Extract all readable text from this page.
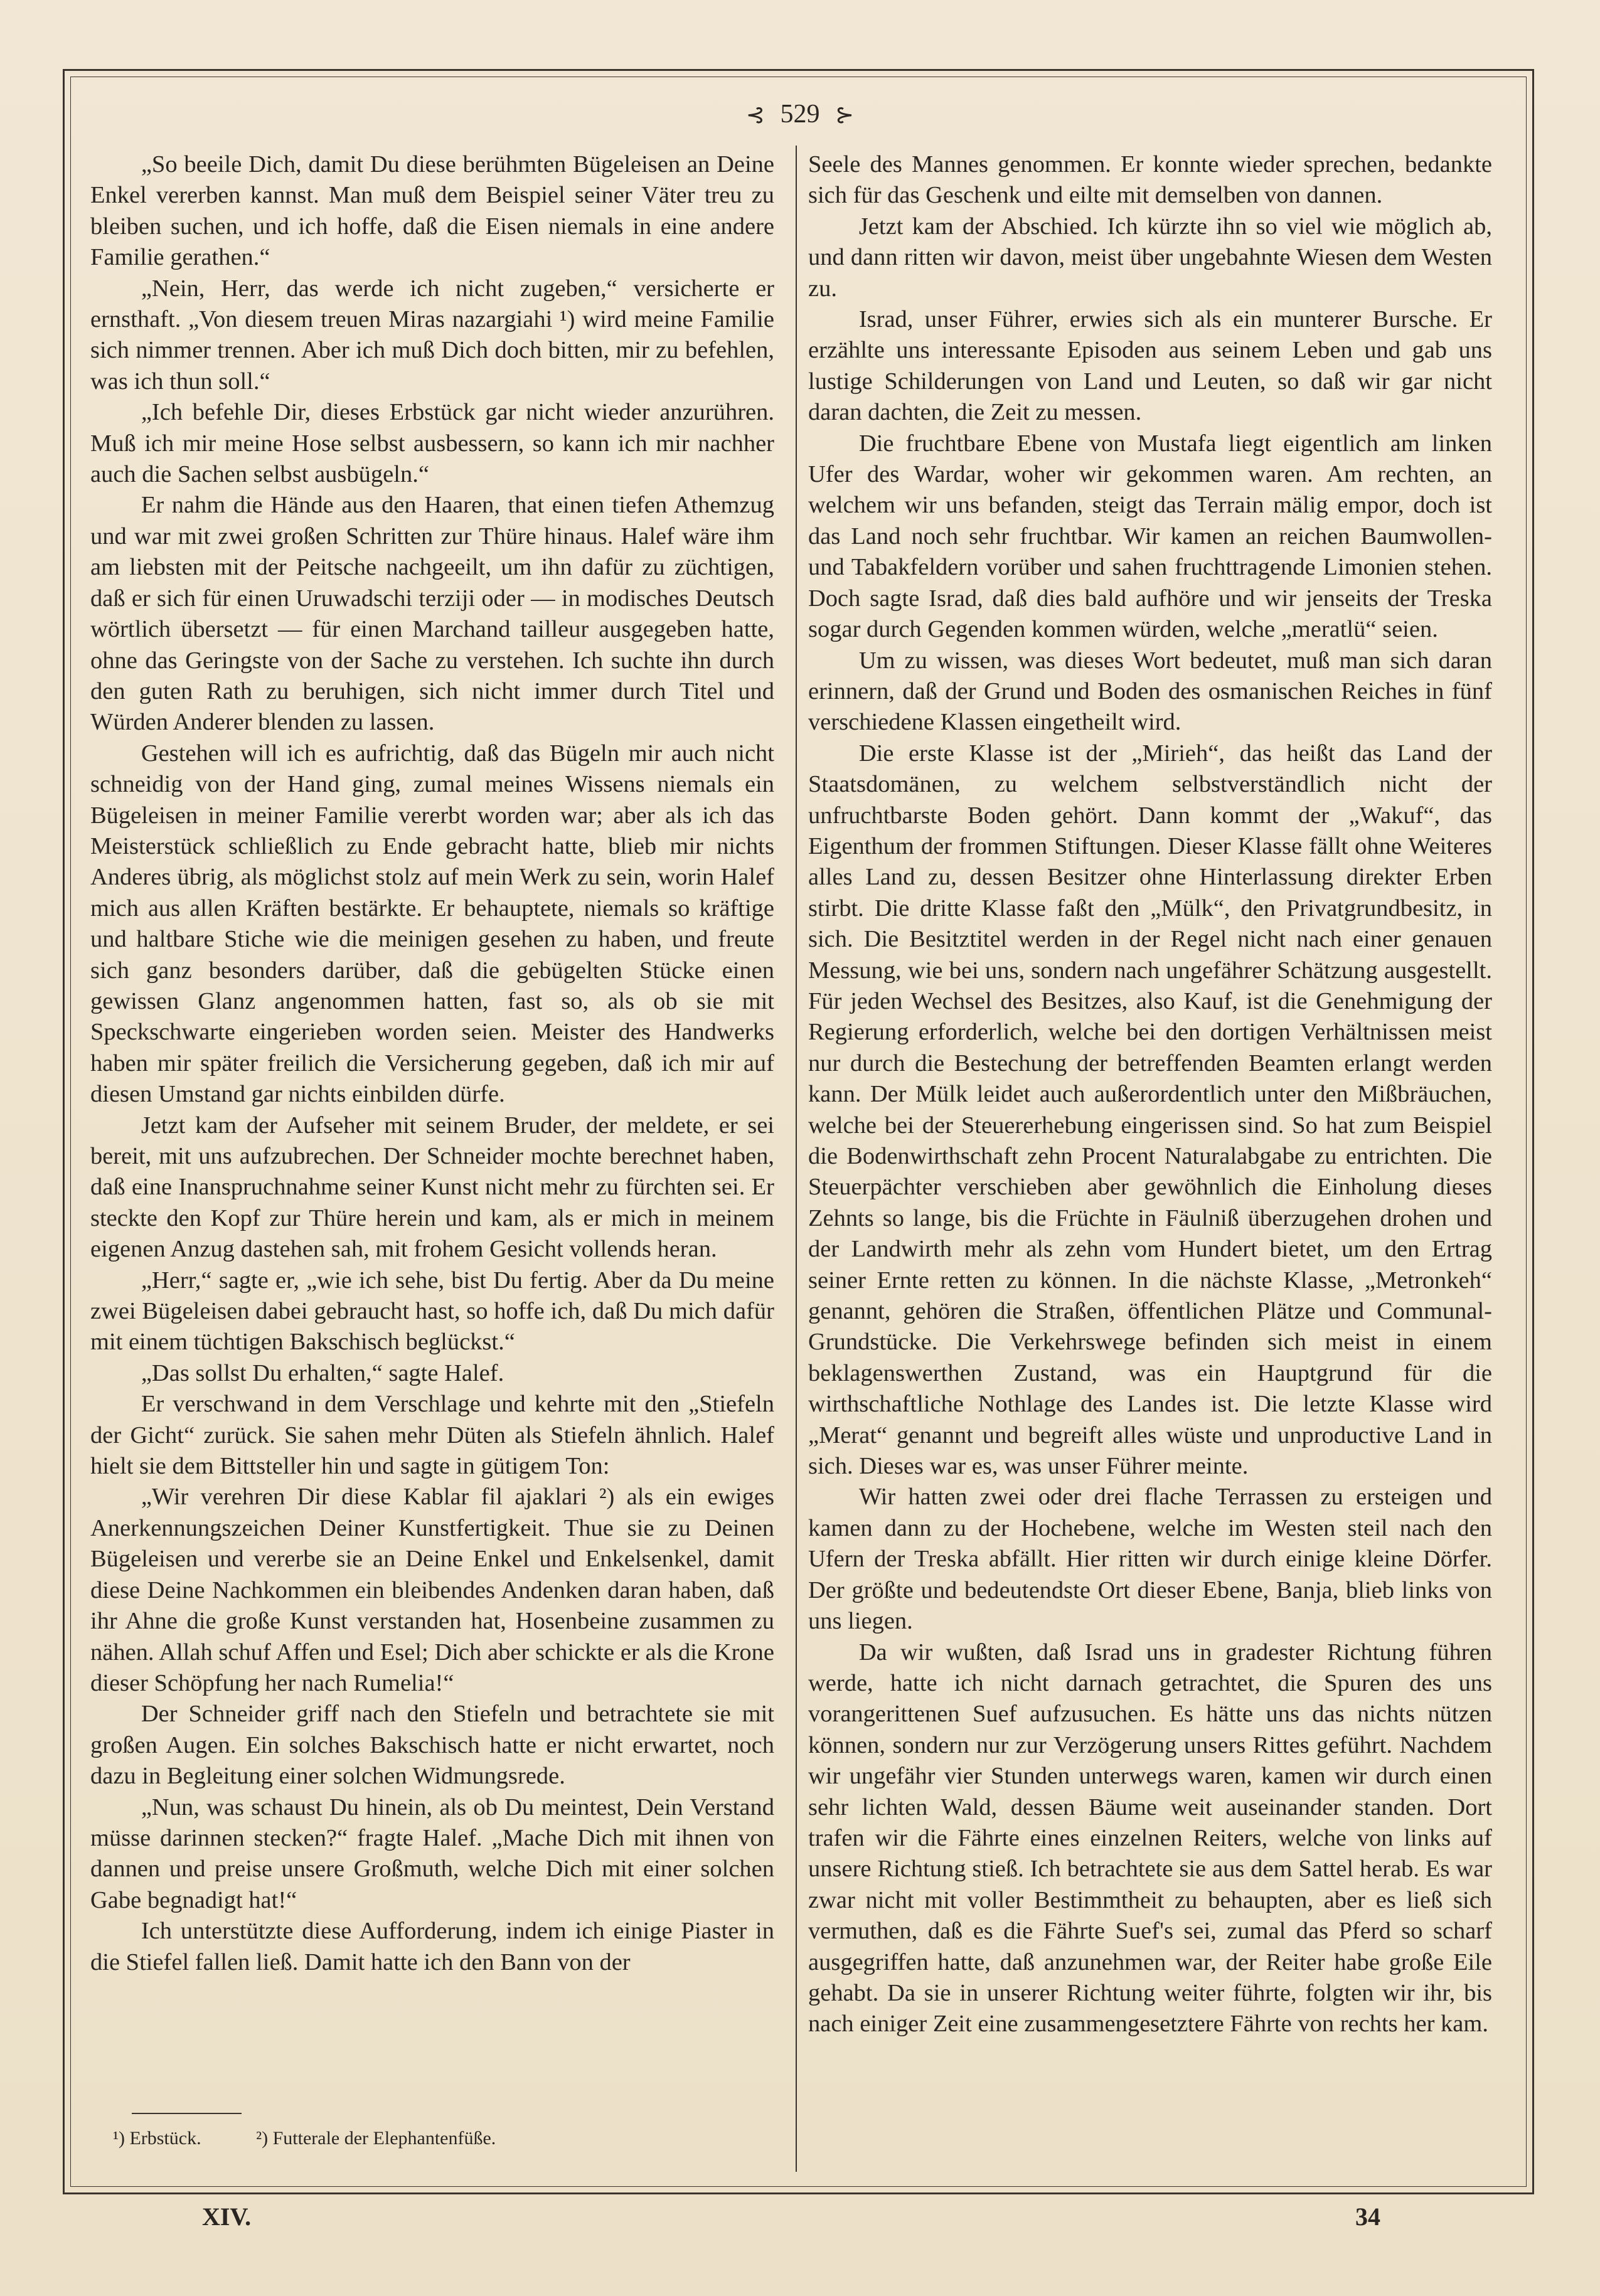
⊰ 529 ⊱

„So beeile Dich, damit Du diese berühmten Bügeleisen an Deine Enkel vererben kannst. Man muß dem Beispiel seiner Väter treu zu bleiben suchen, und ich hoffe, daß die Eisen niemals in eine andere Familie gerathen.“

„Nein, Herr, das werde ich nicht zugeben,“ versicherte er ernsthaft. „Von diesem treuen Miras nazargiahi ¹) wird meine Familie sich nimmer trennen. Aber ich muß Dich doch bitten, mir zu befehlen, was ich thun soll.“

„Ich befehle Dir, dieses Erbstück gar nicht wieder anzurühren. Muß ich mir meine Hose selbst ausbessern, so kann ich mir nachher auch die Sachen selbst ausbügeln.“

Er nahm die Hände aus den Haaren, that einen tiefen Athemzug und war mit zwei großen Schritten zur Thüre hinaus. Halef wäre ihm am liebsten mit der Peitsche nachgeeilt, um ihn dafür zu züchtigen, daß er sich für einen Uruwadschi terziji oder — in modisches Deutsch wörtlich übersetzt — für einen Marchand tailleur ausgegeben hatte, ohne das Geringste von der Sache zu verstehen. Ich suchte ihn durch den guten Rath zu beruhigen, sich nicht immer durch Titel und Würden Anderer blenden zu lassen.

Gestehen will ich es aufrichtig, daß das Bügeln mir auch nicht schneidig von der Hand ging, zumal meines Wissens niemals ein Bügeleisen in meiner Familie vererbt worden war; aber als ich das Meisterstück schließlich zu Ende gebracht hatte, blieb mir nichts Anderes übrig, als möglichst stolz auf mein Werk zu sein, worin Halef mich aus allen Kräften bestärkte. Er behauptete, niemals so kräftige und haltbare Stiche wie die meinigen gesehen zu haben, und freute sich ganz besonders darüber, daß die gebügelten Stücke einen gewissen Glanz angenommen hatten, fast so, als ob sie mit Speckschwarte eingerieben worden seien. Meister des Handwerks haben mir später freilich die Versicherung gegeben, daß ich mir auf diesen Umstand gar nichts einbilden dürfe.

Jetzt kam der Aufseher mit seinem Bruder, der meldete, er sei bereit, mit uns aufzubrechen. Der Schneider mochte berechnet haben, daß eine Inanspruchnahme seiner Kunst nicht mehr zu fürchten sei. Er steckte den Kopf zur Thüre herein und kam, als er mich in meinem eigenen Anzug dastehen sah, mit frohem Gesicht vollends heran.

„Herr,“ sagte er, „wie ich sehe, bist Du fertig. Aber da Du meine zwei Bügeleisen dabei gebraucht hast, so hoffe ich, daß Du mich dafür mit einem tüchtigen Bakschisch beglückst.“

„Das sollst Du erhalten,“ sagte Halef.

Er verschwand in dem Verschlage und kehrte mit den „Stiefeln der Gicht“ zurück. Sie sahen mehr Düten als Stiefeln ähnlich. Halef hielt sie dem Bittsteller hin und sagte in gütigem Ton:

„Wir verehren Dir diese Kablar fil ajaklari ²) als ein ewiges Anerkennungszeichen Deiner Kunstfertigkeit. Thue sie zu Deinen Bügeleisen und vererbe sie an Deine Enkel und Enkelsenkel, damit diese Deine Nachkommen ein bleibendes Andenken daran haben, daß ihr Ahne die große Kunst verstanden hat, Hosenbeine zusammen zu nähen. Allah schuf Affen und Esel; Dich aber schickte er als die Krone dieser Schöpfung her nach Rumelia!“

Der Schneider griff nach den Stiefeln und betrachtete sie mit großen Augen. Ein solches Bakschisch hatte er nicht erwartet, noch dazu in Begleitung einer solchen Widmungsrede.

„Nun, was schaust Du hinein, als ob Du meintest, Dein Verstand müsse darinnen stecken?“ fragte Halef. „Mache Dich mit ihnen von dannen und preise unsere Großmuth, welche Dich mit einer solchen Gabe begnadigt hat!“

Ich unterstützte diese Aufforderung, indem ich einige Piaster in die Stiefel fallen ließ. Damit hatte ich den Bann von der

Seele des Mannes genommen. Er konnte wieder sprechen, bedankte sich für das Geschenk und eilte mit demselben von dannen.

Jetzt kam der Abschied. Ich kürzte ihn so viel wie möglich ab, und dann ritten wir davon, meist über ungebahnte Wiesen dem Westen zu.

Israd, unser Führer, erwies sich als ein munterer Bursche. Er erzählte uns interessante Episoden aus seinem Leben und gab uns lustige Schilderungen von Land und Leuten, so daß wir gar nicht daran dachten, die Zeit zu messen.

Die fruchtbare Ebene von Mustafa liegt eigentlich am linken Ufer des Wardar, woher wir gekommen waren. Am rechten, an welchem wir uns befanden, steigt das Terrain mälig empor, doch ist das Land noch sehr fruchtbar. Wir kamen an reichen Baumwollen- und Tabakfeldern vorüber und sahen fruchttragende Limonien stehen. Doch sagte Israd, daß dies bald aufhöre und wir jenseits der Treska sogar durch Gegenden kommen würden, welche „meratlü“ seien.

Um zu wissen, was dieses Wort bedeutet, muß man sich daran erinnern, daß der Grund und Boden des osmanischen Reiches in fünf verschiedene Klassen eingetheilt wird.

Die erste Klasse ist der „Mirieh“, das heißt das Land der Staatsdomänen, zu welchem selbstverständlich nicht der unfruchtbarste Boden gehört. Dann kommt der „Wakuf“, das Eigenthum der frommen Stiftungen. Dieser Klasse fällt ohne Weiteres alles Land zu, dessen Besitzer ohne Hinterlassung direkter Erben stirbt. Die dritte Klasse faßt den „Mülk“, den Privatgrundbesitz, in sich. Die Besitztitel werden in der Regel nicht nach einer genauen Messung, wie bei uns, sondern nach ungefährer Schätzung ausgestellt. Für jeden Wechsel des Besitzes, also Kauf, ist die Genehmigung der Regierung erforderlich, welche bei den dortigen Verhältnissen meist nur durch die Bestechung der betreffenden Beamten erlangt werden kann. Der Mülk leidet auch außerordentlich unter den Mißbräuchen, welche bei der Steuererhebung eingerissen sind. So hat zum Beispiel die Bodenwirthschaft zehn Procent Naturalabgabe zu entrichten. Die Steuerpächter verschieben aber gewöhnlich die Einholung dieses Zehnts so lange, bis die Früchte in Fäulniß überzugehen drohen und der Landwirth mehr als zehn vom Hundert bietet, um den Ertrag seiner Ernte retten zu können. In die nächste Klasse, „Metronkeh“ genannt, gehören die Straßen, öffentlichen Plätze und Communal-Grundstücke. Die Verkehrswege befinden sich meist in einem beklagenswerthen Zustand, was ein Hauptgrund für die wirthschaftliche Nothlage des Landes ist. Die letzte Klasse wird „Merat“ genannt und begreift alles wüste und unproductive Land in sich. Dieses war es, was unser Führer meinte.

Wir hatten zwei oder drei flache Terrassen zu ersteigen und kamen dann zu der Hochebene, welche im Westen steil nach den Ufern der Treska abfällt. Hier ritten wir durch einige kleine Dörfer. Der größte und bedeutendste Ort dieser Ebene, Banja, blieb links von uns liegen.

Da wir wußten, daß Israd uns in gradester Richtung führen werde, hatte ich nicht darnach getrachtet, die Spuren des uns vorangerittenen Suef aufzusuchen. Es hätte uns das nichts nützen können, sondern nur zur Verzögerung unsers Rittes geführt. Nachdem wir ungefähr vier Stunden unterwegs waren, kamen wir durch einen sehr lichten Wald, dessen Bäume weit auseinander standen. Dort trafen wir die Fährte eines einzelnen Reiters, welche von links auf unsere Richtung stieß. Ich betrachtete sie aus dem Sattel herab. Es war zwar nicht mit voller Bestimmtheit zu behaupten, aber es ließ sich vermuthen, daß es die Fährte Suef's sei, zumal das Pferd so scharf ausgegriffen hatte, daß anzunehmen war, der Reiter habe große Eile gehabt. Da sie in unserer Richtung weiter führte, folgten wir ihr, bis nach einiger Zeit eine zusammengesetztere Fährte von rechts her kam.

¹) Erbstück.	²) Futterale der Elephantenfüße.
XIV.	34
